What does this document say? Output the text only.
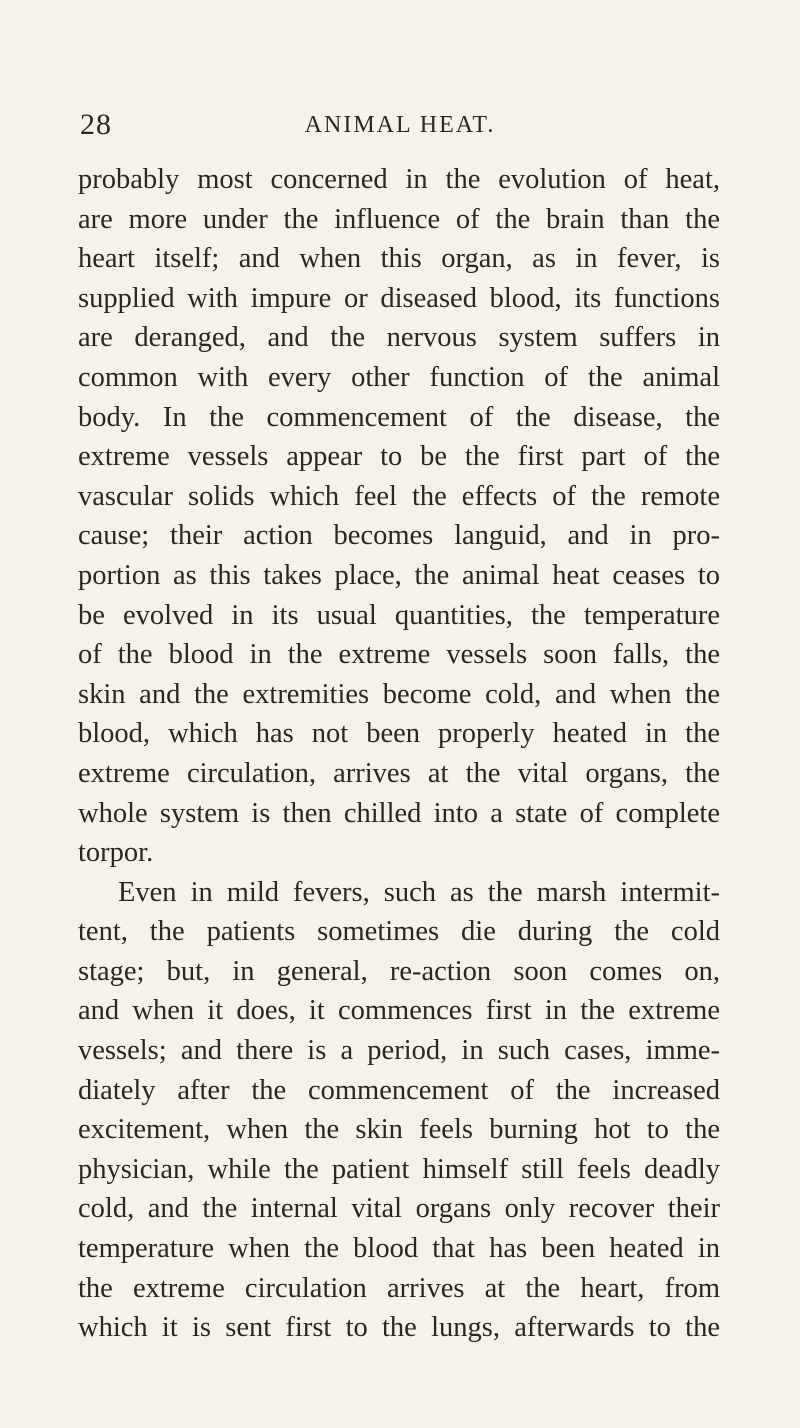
28	ANIMAL HEAT.
probably most concerned in the evolution of heat,
are more under the influence of the brain than the
heart itself; and when this organ, as in fever, is
supplied with impure or diseased blood, its functions
are deranged, and the nervous system suffers in
common with every other function of the animal
body. In the commencement of the disease, the
extreme vessels appear to be the first part of the
vascular solids which feel the effects of the remote
cause; their action becomes languid, and in pro-
portion as this takes place, the animal heat ceases to
be evolved in its usual quantities, the temperature
of the blood in the extreme vessels soon falls, the
skin and the extremities become cold, and when the
blood, which has not been properly heated in the
extreme circulation, arrives at the vital organs, the
whole system is then chilled into a state of complete
torpor.
Even in mild fevers, such as the marsh intermit-
tent, the patients sometimes die during the cold
stage; but, in general, re-action soon comes on,
and when it does, it commences first in the extreme
vessels; and there is a period, in such cases, imme-
diately after the commencement of the increased
excitement, when the skin feels burning hot to the
physician, while the patient himself still feels deadly
cold, and the internal vital organs only recover their
temperature when the blood that has been heated in
the extreme circulation arrives at the heart, from
which it is sent first to the lungs, afterwards to the
